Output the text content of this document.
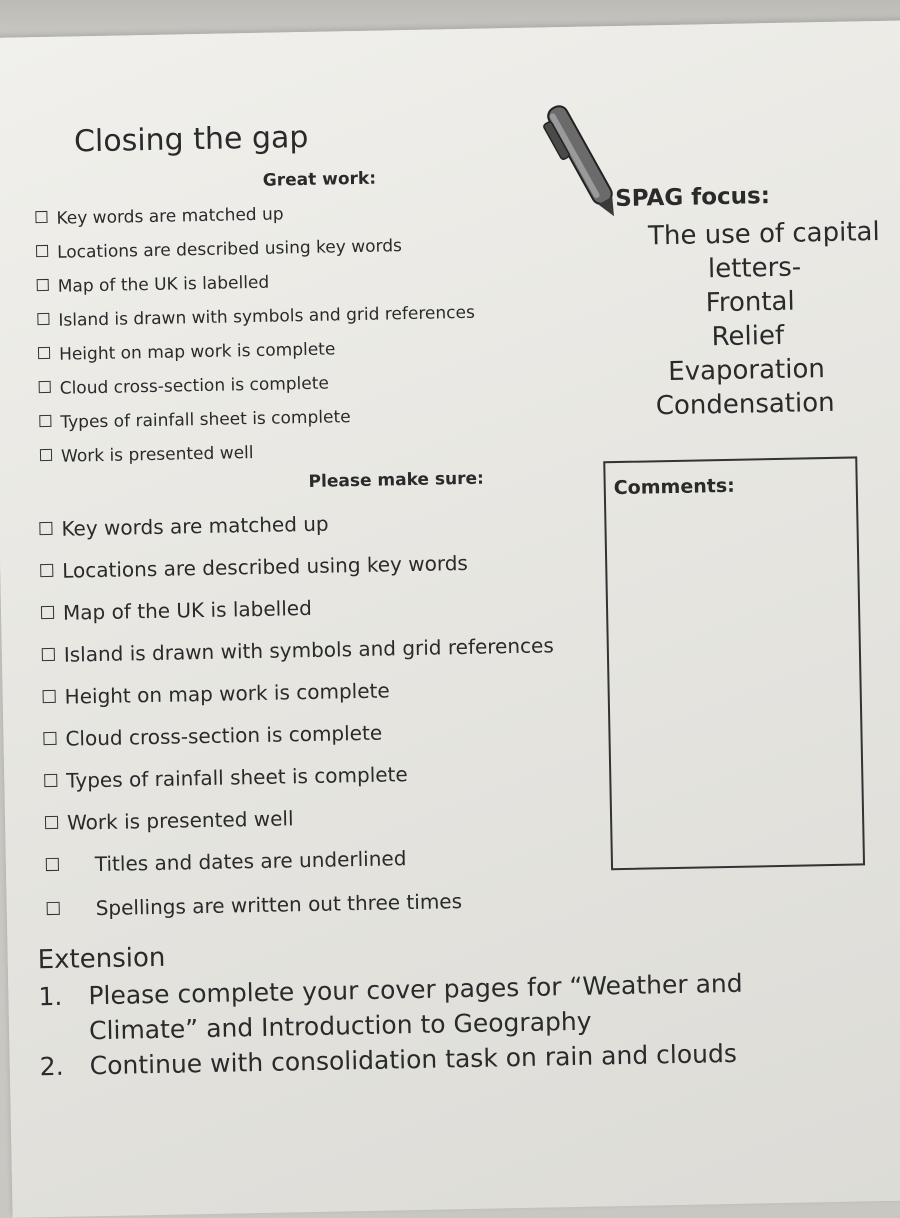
Closing the gap
Great work:
Key words are matched up
Locations are described using key words
Map of the UK is labelled
Island is drawn with symbols and grid references
Height on map work is complete
Cloud cross-section is complete
Types of rainfall sheet is complete
Work is presented well
Please make sure:
Key words are matched up
Locations are described using key words
Map of the UK is labelled
Island is drawn with symbols and grid references
Height on map work is complete
Cloud cross-section is complete
Types of rainfall sheet is complete
Work is presented well
Titles and dates are underlined
Spellings are written out three times
SPAG focus:
The use of capital
letters-
Frontal
Relief
Evaporation
Condensation
Comments:
Extension
1. Please complete your cover pages for “Weather and
Climate” and Introduction to Geography
2. Continue with consolidation task on rain and clouds
